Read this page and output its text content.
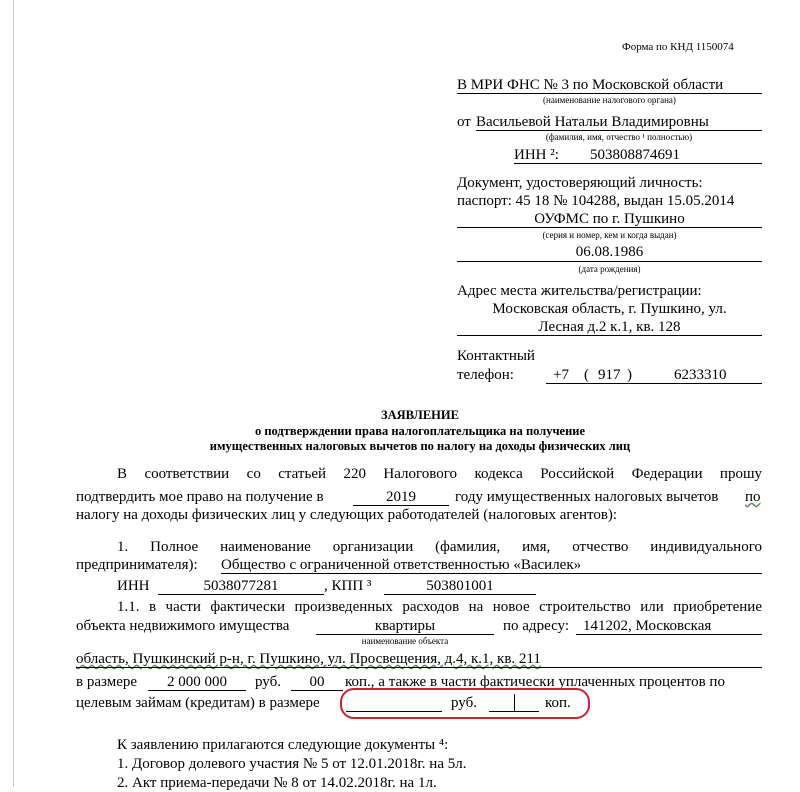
Форма по КНД 1150074
В МРИ ФНС № 3 по Московской области
(наименование налогового органа)
от Васильевой Натальи Владимировны
(фамилия, имя, отчество ¹ полностью)
ИНН ²: 503808874691
Документ, удостоверяющий личность:
паспорт: 45 18 № 104288, выдан 15.05.2014
ОУФМС по г. Пушкино
(серия и номер, кем и когда выдан)
06.08.1986
(дата рождения)
Адрес места жительства/регистрации:
Московская область, г. Пушкино, ул.
Лесная д.2 к.1, кв. 128
Контактный
телефон:	+7 ( 917 )	6233310
ЗАЯВЛЕНИЕ
о подтверждении права налогоплательщика на получение
имущественных налоговых вычетов по налогу на доходы физических лиц
В соответствии со статьей 220 Налогового кодекса Российской Федерации прошу
подтвердить мое право на получение в	2019	году имущественных налоговых вычетов по
налогу на доходы физических лиц у следующих работодателей (налоговых агентов):
1. Полное наименование организации (фамилия, имя, отчество индивидуального
предпринимателя): Общество с ограниченной ответственностью «Василек»
ИНН	5038077281	, КПП ³	503801001
1.1. в части фактически произведенных расходов на новое строительство или приобретение
объекта недвижимого имущества	квартиры
наименование объекта
по адресу: 141202, Московская
область, Пушкинский р-н, г. Пушкино, ул. Просвещения, д.4, к.1, кв. 211
в размере	2 000 000	руб.	00	коп., а также в части фактически уплаченных процентов по
целевым займам (кредитам) в размере	руб.	коп.
К заявлению прилагаются следующие документы ⁴:
1. Договор долевого участия № 5 от 12.01.2018г. на 5л.
2. Акт приема-передачи № 8 от 14.02.2018г. на 1л.
